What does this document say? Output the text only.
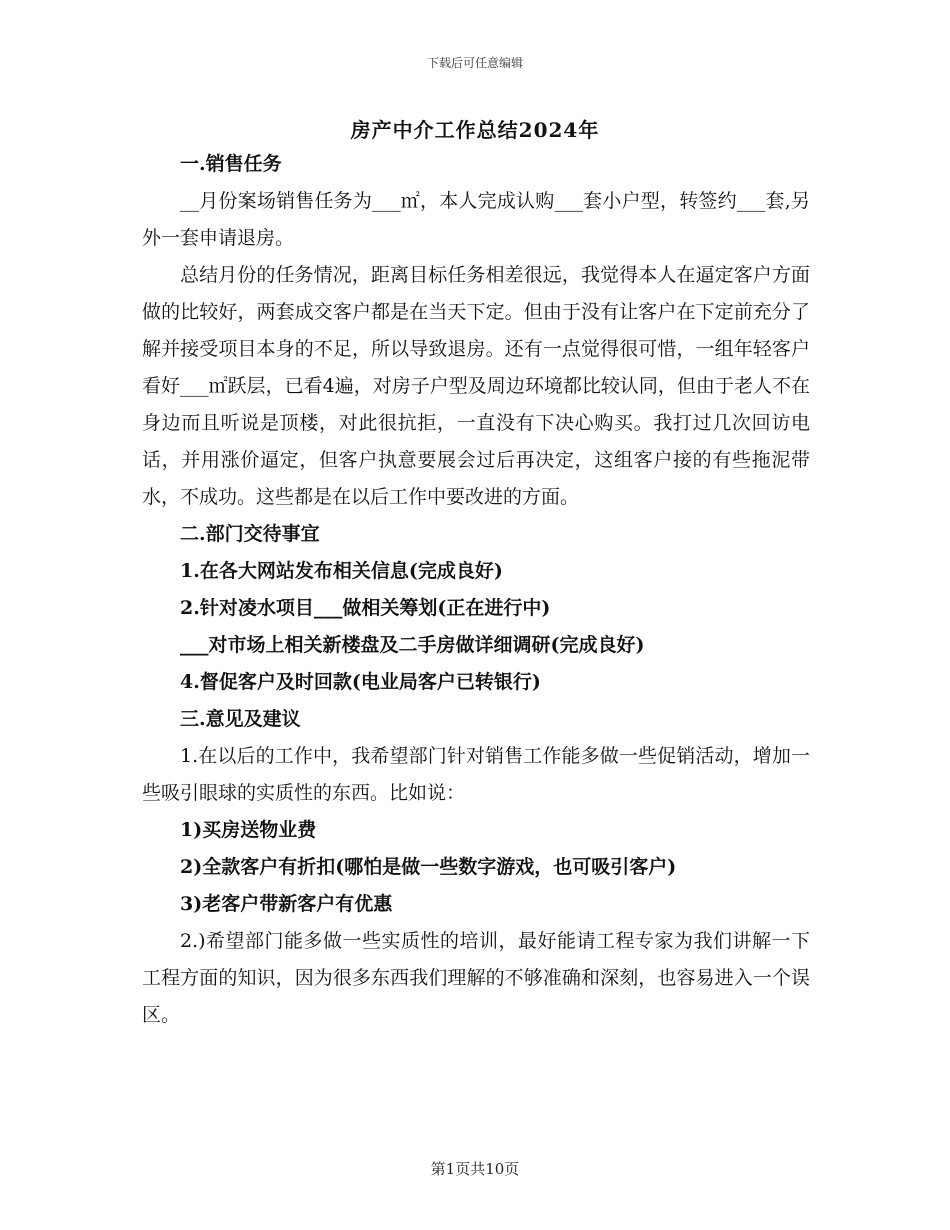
下载后可任意编辑
房产中介工作总结2024年

一.销售任务

__月份案场销售任务为___㎡，本人完成认购___套小户型，转签约___套,另外一套申请退房。

总结月份的任务情况，距离目标任务相差很远，我觉得本人在逼定客户方面做的比较好，两套成交客户都是在当天下定。但由于没有让客户在下定前充分了解并接受项目本身的不足，所以导致退房。还有一点觉得很可惜，一组年轻客户看好___㎡跃层，已看4遍，对房子户型及周边环境都比较认同，但由于老人不在身边而且听说是顶楼，对此很抗拒，一直没有下决心购买。我打过几次回访电话，并用涨价逼定，但客户执意要展会过后再决定，这组客户接的有些拖泥带水，不成功。这些都是在以后工作中要改进的方面。

二.部门交待事宜

1.在各大网站发布相关信息(完成良好)

2.针对凌水项目___做相关筹划(正在进行中)

___对市场上相关新楼盘及二手房做详细调研(完成良好)

4.督促客户及时回款(电业局客户已转银行)

三.意见及建议

1.在以后的工作中，我希望部门针对销售工作能多做一些促销活动，增加一些吸引眼球的实质性的东西。比如说：

1)买房送物业费

2)全款客户有折扣(哪怕是做一些数字游戏，也可吸引客户)

3)老客户带新客户有优惠

2.)希望部门能多做一些实质性的培训，最好能请工程专家为我们讲解一下工程方面的知识，因为很多东西我们理解的不够准确和深刻，也容易进入一个误区。

第1页共10页
